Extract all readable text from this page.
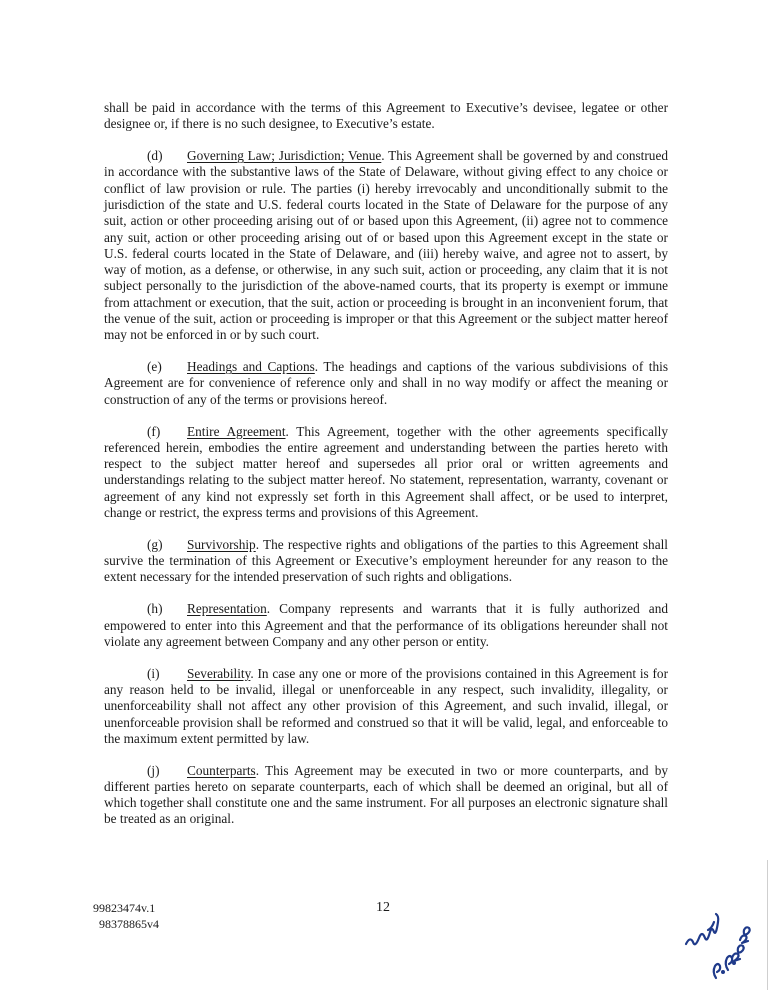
shall be paid in accordance with the terms of this Agreement to Executive’s devisee, legatee or other designee or, if there is no such designee, to Executive’s estate.

(d) Governing Law; Jurisdiction; Venue. This Agreement shall be governed by and construed in accordance with the substantive laws of the State of Delaware, without giving effect to any choice or conflict of law provision or rule. The parties (i) hereby irrevocably and unconditionally submit to the jurisdiction of the state and U.S. federal courts located in the State of Delaware for the purpose of any suit, action or other proceeding arising out of or based upon this Agreement, (ii) agree not to commence any suit, action or other proceeding arising out of or based upon this Agreement except in the state or U.S. federal courts located in the State of Delaware, and (iii) hereby waive, and agree not to assert, by way of motion, as a defense, or otherwise, in any such suit, action or proceeding, any claim that it is not subject personally to the jurisdiction of the above-named courts, that its property is exempt or immune from attachment or execution, that the suit, action or proceeding is brought in an inconvenient forum, that the venue of the suit, action or proceeding is improper or that this Agreement or the subject matter hereof may not be enforced in or by such court.

(e) Headings and Captions. The headings and captions of the various subdivisions of this Agreement are for convenience of reference only and shall in no way modify or affect the meaning or construction of any of the terms or provisions hereof.

(f) Entire Agreement. This Agreement, together with the other agreements specifically referenced herein, embodies the entire agreement and understanding between the parties hereto with respect to the subject matter hereof and supersedes all prior oral or written agreements and understandings relating to the subject matter hereof. No statement, representation, warranty, covenant or agreement of any kind not expressly set forth in this Agreement shall affect, or be used to interpret, change or restrict, the express terms and provisions of this Agreement.

(g) Survivorship. The respective rights and obligations of the parties to this Agreement shall survive the termination of this Agreement or Executive’s employment hereunder for any reason to the extent necessary for the intended preservation of such rights and obligations.

(h) Representation. Company represents and warrants that it is fully authorized and empowered to enter into this Agreement and that the performance of its obligations hereunder shall not violate any agreement between Company and any other person or entity.

(i) Severability. In case any one or more of the provisions contained in this Agreement is for any reason held to be invalid, illegal or unenforceable in any respect, such invalidity, illegality, or unenforceability shall not affect any other provision of this Agreement, and such invalid, illegal, or unenforceable provision shall be reformed and construed so that it will be valid, legal, and enforceable to the maximum extent permitted by law.

(j) Counterparts. This Agreement may be executed in two or more counterparts, and by different parties hereto on separate counterparts, each of which shall be deemed an original, but all of which together shall constitute one and the same instrument. For all purposes an electronic signature shall be treated as an original.

99823474v.1
98378865v4
12
